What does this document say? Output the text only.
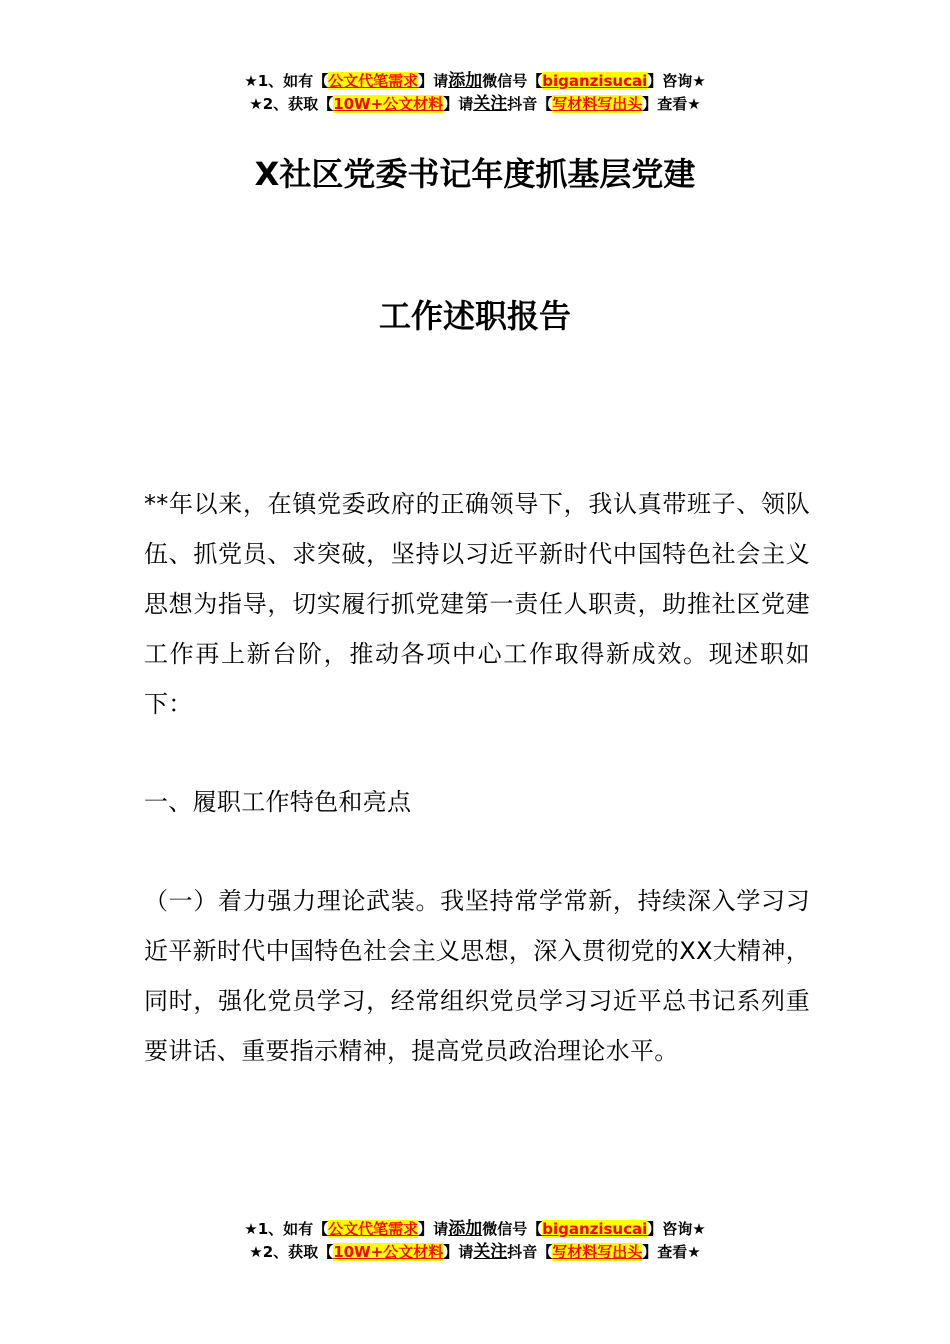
★1、如有【公文代笔需求】请添加微信号【biganzisucai】咨询★
★2、获取【10W+公文材料】请关注抖音【写材料写出头】查看★
X社区党委书记年度抓基层党建
工作述职报告
**年以来，在镇党委政府的正确领导下，我认真带班子、领队伍、抓党员、求突破，坚持以习近平新时代中国特色社会主义思想为指导，切实履行抓党建第一责任人职责，助推社区党建工作再上新台阶，推动各项中心工作取得新成效。现述职如下：
一、履职工作特色和亮点
（一）着力强力理论武装。我坚持常学常新，持续深入学习习近平新时代中国特色社会主义思想，深入贯彻党的XX大精神，同时，强化党员学习，经常组织党员学习习近平总书记系列重要讲话、重要指示精神，提高党员政治理论水平。
★1、如有【公文代笔需求】请添加微信号【biganzisucai】咨询★
★2、获取【10W+公文材料】请关注抖音【写材料写出头】查看★
